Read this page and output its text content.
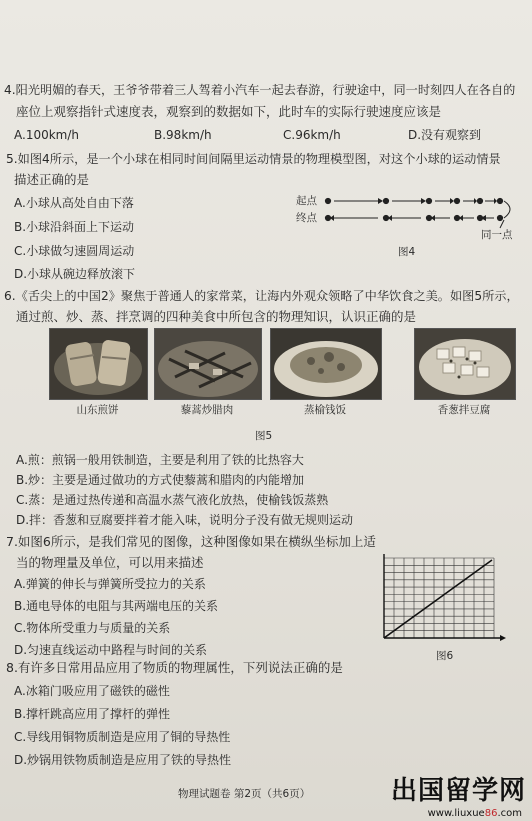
4.阳光明媚的春天，王爷爷带着三人驾着小汽车一起去春游，行驶途中，同一时刻四人在各自的
座位上观察指针式速度表，观察到的数据如下，此时车的实际行驶速度应该是
A.100km/h	B.98km/h	C.96km/h	D.没有观察到
5.如图4所示，是一个小球在相同时间间隔里运动情景的物理模型图，对这个小球的运动情景
描述正确的是
A.小球从高处自由下落
B.小球沿斜面上下运动
C.小球做匀速圆周运动
D.小球从碗边释放滚下
起点
终点
同一点
图4
6.《舌尖上的中国2》聚焦于普通人的家常菜，让海内外观众领略了中华饮食之美。如图5所示，
通过煎、炒、蒸、拌烹调的四种美食中所包含的物理知识，认识正确的是
山东煎饼	藜蒿炒腊肉	蒸榆钱饭	香葱拌豆腐
图5
A.煎：煎锅一般用铁制造，主要是利用了铁的比热容大
B.炒：主要是通过做功的方式使藜蒿和腊肉的内能增加
C.蒸：是通过热传递和高温水蒸气液化放热，使榆钱饭蒸熟
D.拌：香葱和豆腐要拌着才能入味，说明分子没有做无规则运动
7.如图6所示，是我们常见的图像，这种图像如果在横纵坐标加上适
当的物理量及单位，可以用来描述
A.弹簧的伸长与弹簧所受拉力的关系
B.通电导体的电阻与其两端电压的关系
C.物体所受重力与质量的关系
D.匀速直线运动中路程与时间的关系	图6
8.有许多日常用品应用了物质的物理属性，下列说法正确的是
A.冰箱门吸应用了磁铁的磁性
B.撑杆跳高应用了撑杆的弹性
C.导线用铜物质制造是应用了铜的导热性
D.炒锅用铁物质制造是应用了铁的导热性
物理试题卷 第2页（共6页）	出国留学网
www.liuxue86.com
